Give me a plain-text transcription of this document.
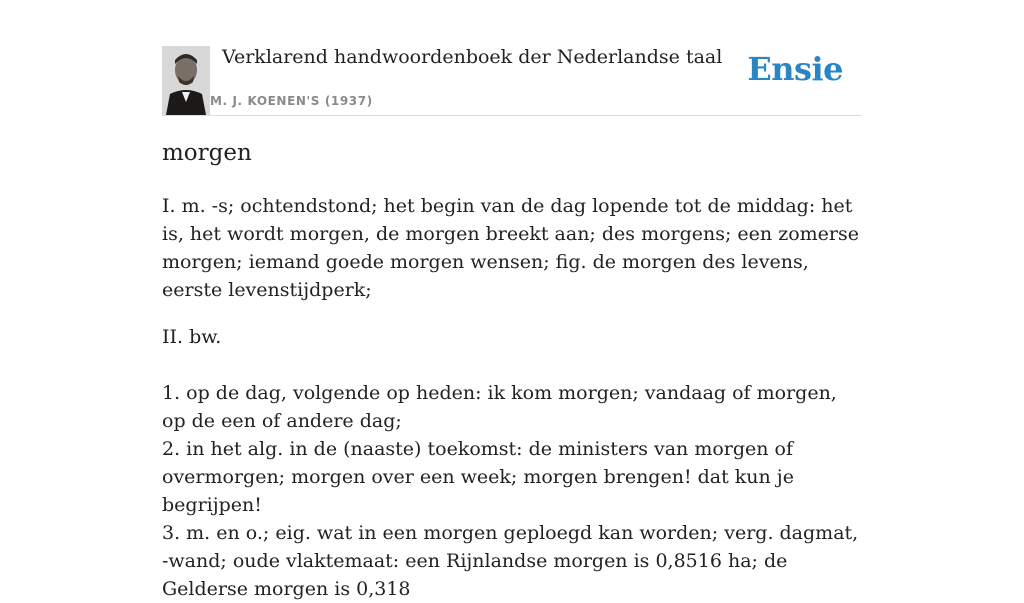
Verklarend handwoordenboek der Nederlandse taal
M. J. KOENEN'S (1937)
Ensie
morgen

I. m. -s; ochtendstond; het begin van de dag lopende tot de middag: het is, het wordt morgen, de morgen breekt aan; des morgens; een zomerse morgen; iemand goede morgen wensen; fig. de morgen des levens, eerste levenstijdperk;

II. bw.

1. op de dag, volgende op heden: ik kom morgen; vandaag of morgen, op de een of andere dag;

2. in het alg. in de (naaste) toekomst: de ministers van morgen of overmorgen; morgen over een week; morgen brengen! dat kun je begrijpen!

3. m. en o.; eig. wat in een morgen geploegd kan worden; verg. dagmat, -wand; oude vlaktemaat: een Rijnlandse morgen is 0,8516 ha; de Gelderse morgen is 0,318
